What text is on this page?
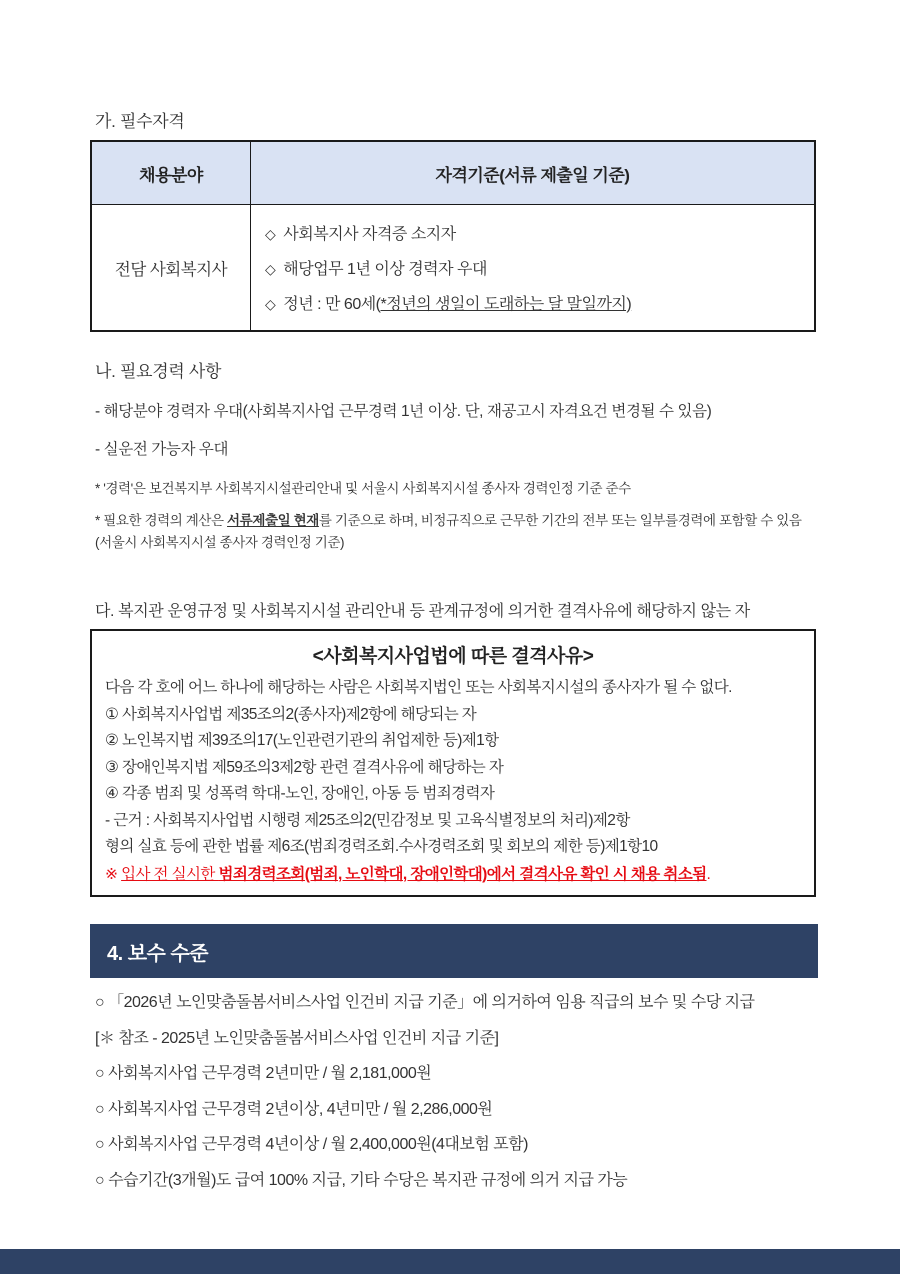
가. 필수자격
채용분야	자격기준(서류 제출일 기준)
전담 사회복지사
◇ 사회복지사 자격증 소지자
◇ 해당업무 1년 이상 경력자 우대
◇ 정년 : 만 60세(*정년의 생일이 도래하는 달 말일까지)
나. 필요경력 사항
- 해당분야 경력자 우대(사회복지사업 근무경력 1년 이상. 단, 재공고시 자격요건 변경될 수 있음)
- 실운전 가능자 우대
* '경력'은 보건복지부 사회복지시설관리안내 및 서울시 사회복지시설 종사자 경력인정 기준 준수
* 필요한 경력의 계산은 서류제출일 현재를 기준으로 하며, 비정규직으로 근무한 기간의 전부 또는 일부를경력에 포함할 수 있음
(서울시 사회복지시설 종사자 경력인정 기준)
다. 복지관 운영규정 및 사회복지시설 관리안내 등 관계규정에 의거한 결격사유에 해당하지 않는 자
<사회복지사업법에 따른 결격사유>
다음 각 호에 어느 하나에 해당하는 사람은 사회복지법인 또는 사회복지시설의 종사자가 될 수 없다.
① 사회복지사업법 제35조의2(종사자)제2항에 해당되는 자
② 노인복지법 제39조의17(노인관련기관의 취업제한 등)제1항
③ 장애인복지법 제59조의3제2항 관련 결격사유에 해당하는 자
④ 각종 범죄 및 성폭력 학대-노인, 장애인, 아동 등 범죄경력자
- 근거 : 사회복지사업법 시행령 제25조의2(민감정보 및 고육식별정보의 처리)제2항
형의 실효 등에 관한 법률 제6조(범죄경력조회.수사경력조회 및 회보의 제한 등)제1항10
※ 입사 전 실시한 범죄경력조회(범죄, 노인학대, 장애인학대)에서 결격사유 확인 시 채용 취소됨.
4. 보수 수준
○ 「2026년 노인맞춤돌봄서비스사업 인건비 지급 기준」에 의거하여 임용 직급의 보수 및 수당 지급
[＊ 참조 - 2025년 노인맞춤돌봄서비스사업 인건비 지급 기준]
○ 사회복지사업 근무경력 2년미만 / 월 2,181,000원
○ 사회복지사업 근무경력 2년이상, 4년미만 / 월 2,286,000원
○ 사회복지사업 근무경력 4년이상 / 월 2,400,000원(4대보험 포함)
○ 수습기간(3개월)도 급여 100% 지급, 기타 수당은 복지관 규정에 의거 지급 가능
